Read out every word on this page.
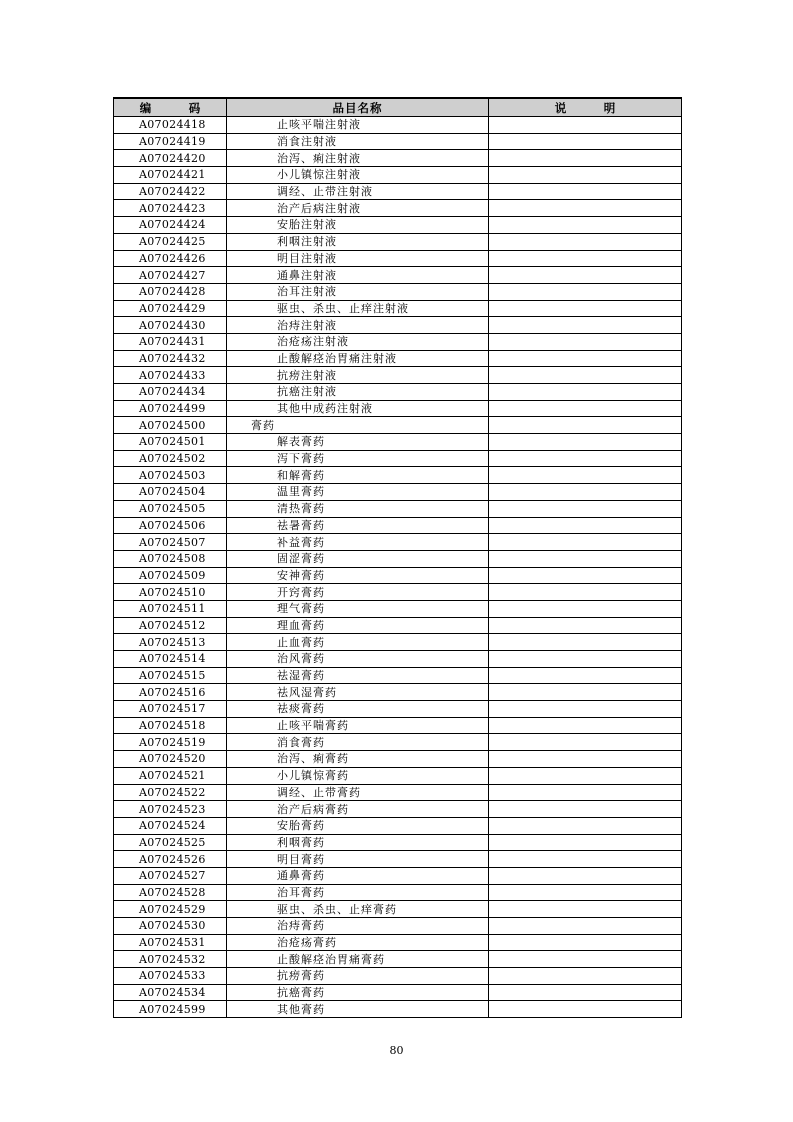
编　码	品目名称	说　明
A07024418	止咳平喘注射液	
A07024419	消食注射液	
A07024420	治泻、痢注射液	
A07024421	小儿镇惊注射液	
A07024422	调经、止带注射液	
A07024423	治产后病注射液	
A07024424	安胎注射液	
A07024425	利咽注射液	
A07024426	明目注射液	
A07024427	通鼻注射液	
A07024428	治耳注射液	
A07024429	驱虫、杀虫、止痒注射液	
A07024430	治痔注射液	
A07024431	治疮疡注射液	
A07024432	止酸解痉治胃痛注射液	
A07024433	抗痨注射液	
A07024434	抗癌注射液	
A07024499	其他中成药注射液	
A07024500	膏药	
A07024501	解表膏药	
A07024502	泻下膏药	
A07024503	和解膏药	
A07024504	温里膏药	
A07024505	清热膏药	
A07024506	祛暑膏药	
A07024507	补益膏药	
A07024508	固涩膏药	
A07024509	安神膏药	
A07024510	开窍膏药	
A07024511	理气膏药	
A07024512	理血膏药	
A07024513	止血膏药	
A07024514	治风膏药	
A07024515	祛湿膏药	
A07024516	祛风湿膏药	
A07024517	祛痰膏药	
A07024518	止咳平喘膏药	
A07024519	消食膏药	
A07024520	治泻、痢膏药	
A07024521	小儿镇惊膏药	
A07024522	调经、止带膏药	
A07024523	治产后病膏药	
A07024524	安胎膏药	
A07024525	利咽膏药	
A07024526	明目膏药	
A07024527	通鼻膏药	
A07024528	治耳膏药	
A07024529	驱虫、杀虫、止痒膏药	
A07024530	治痔膏药	
A07024531	治疮疡膏药	
A07024532	止酸解痉治胃痛膏药	
A07024533	抗痨膏药	
A07024534	抗癌膏药	
A07024599	其他膏药	
80
